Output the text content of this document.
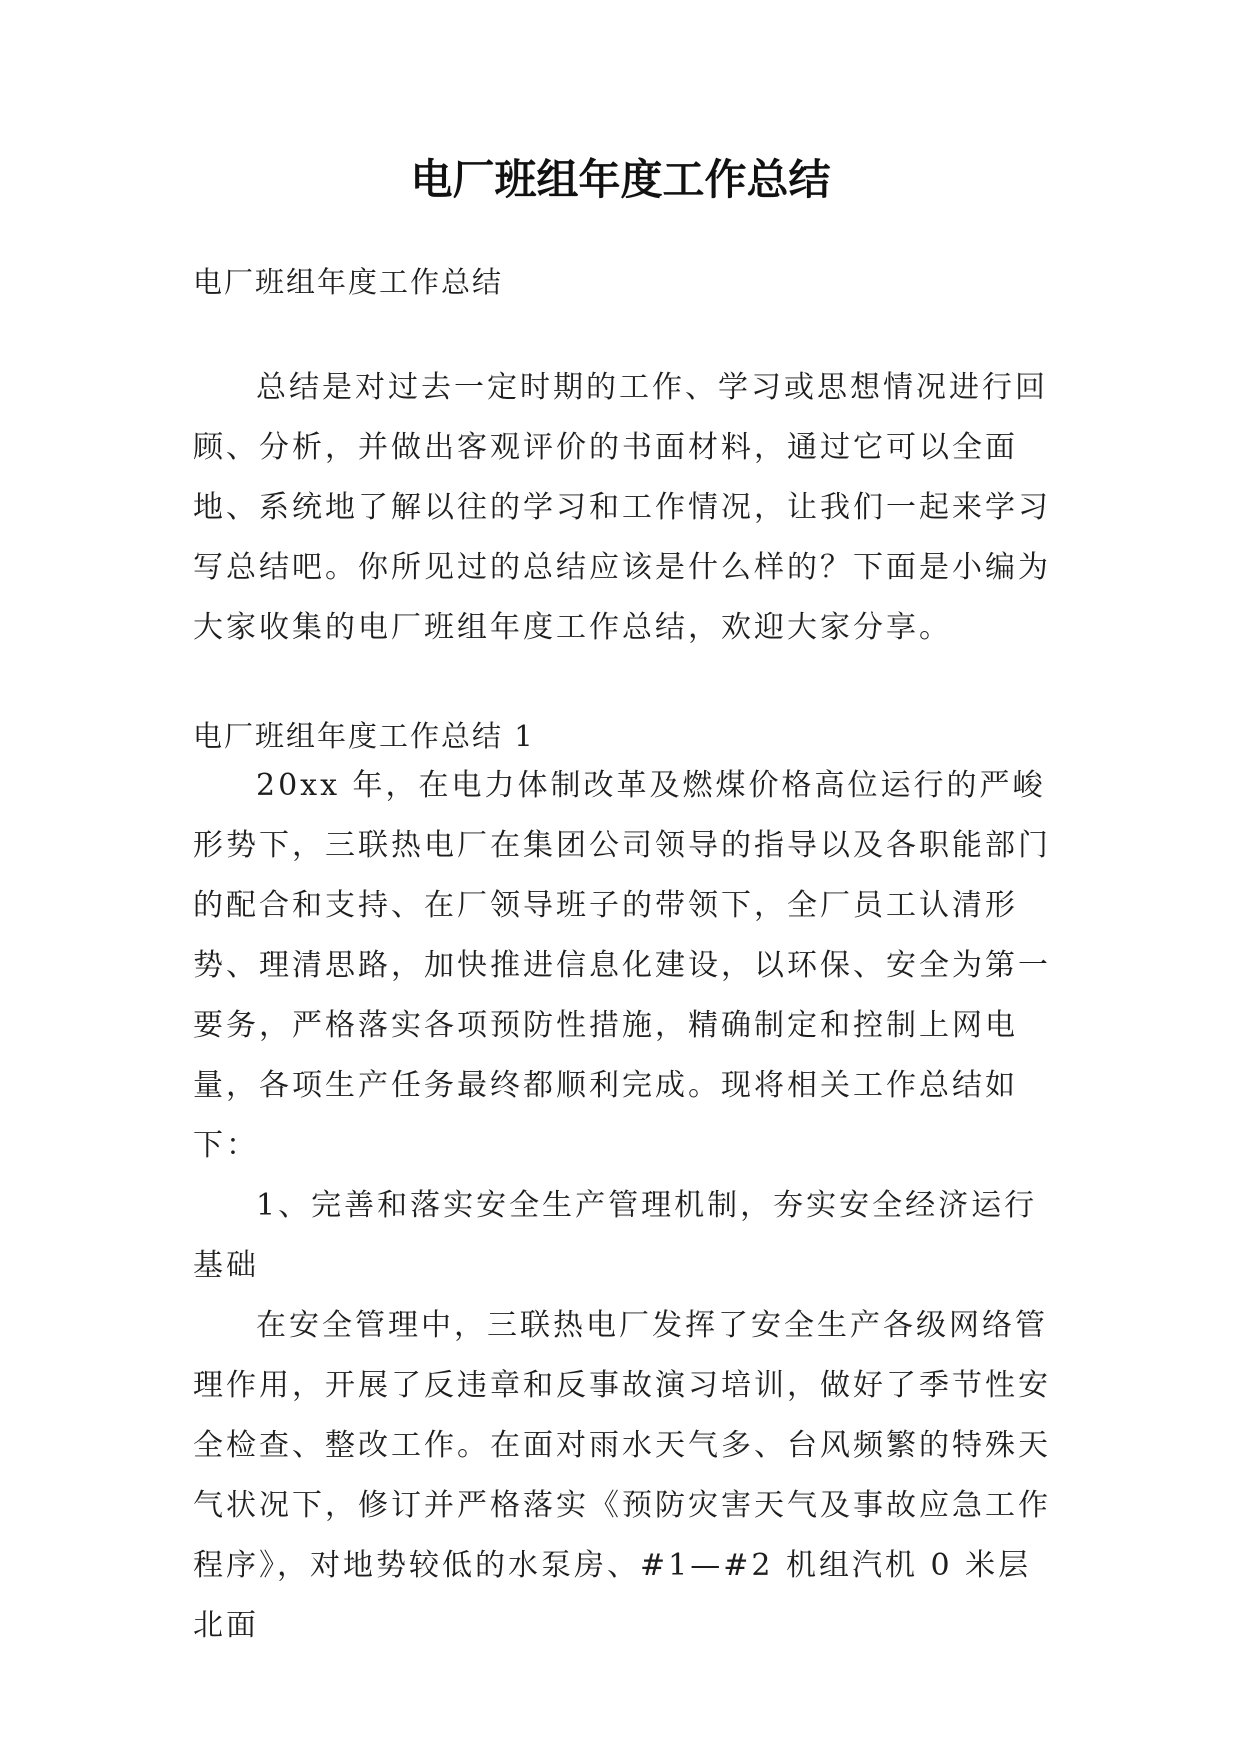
电厂班组年度工作总结
电厂班组年度工作总结

总结是对过去一定时期的工作、学习或思想情况进行回顾、分析，并做出客观评价的书面材料，通过它可以全面地、系统地了解以往的学习和工作情况，让我们一起来学习写总结吧。你所见过的总结应该是什么样的？下面是小编为大家收集的电厂班组年度工作总结，欢迎大家分享。

电厂班组年度工作总结 1

20xx 年，在电力体制改革及燃煤价格高位运行的严峻形势下，三联热电厂在集团公司领导的指导以及各职能部门的配合和支持、在厂领导班子的带领下，全厂员工认清形势、理清思路，加快推进信息化建设，以环保、安全为第一要务，严格落实各项预防性措施，精确制定和控制上网电量，各项生产任务最终都顺利完成。现将相关工作总结如下：

1、完善和落实安全生产管理机制，夯实安全经济运行基础

在安全管理中，三联热电厂发挥了安全生产各级网络管理作用，开展了反违章和反事故演习培训，做好了季节性安全检查、整改工作。在面对雨水天气多、台风频繁的特殊天气状况下，修订并严格落实《预防灾害天气及事故应急工作程序》，对地势较低的水泵房、#1—#2 机组汽机 0 米层北面
